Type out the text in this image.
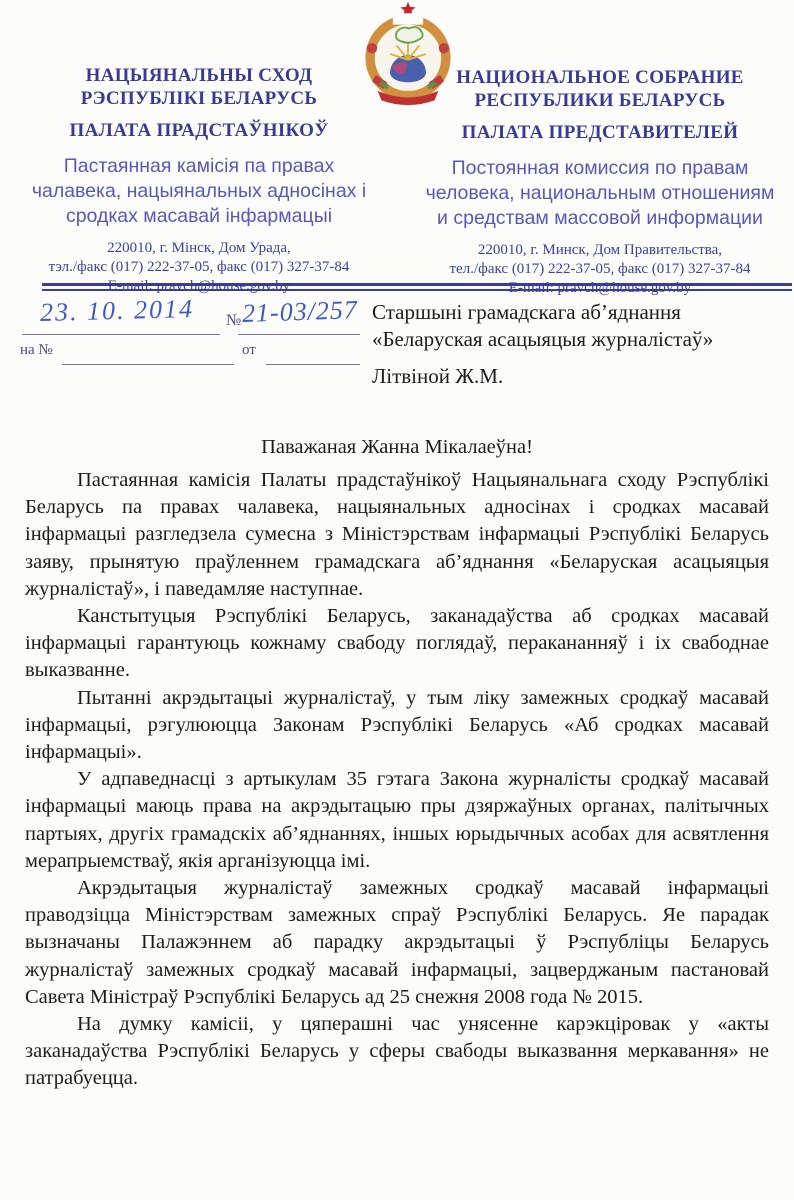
НАЦЫЯНАЛЬНЫ СХОД
РЭСПУБЛІКІ БЕЛАРУСЬ
ПАЛАТА ПРАДСТАЎНІКОЎ
Пастаянная камісія па правах чалавека, нацыянальных адносінах і сродках масавай інфармацыі
220010, г. Мінск, Дом Урада,
тэл./факс (017) 222-37-05, факс (017) 327-37-84
E-mail: pravch@house.gov.by
НАЦИОНАЛЬНОЕ СОБРАНИЕ
РЕСПУБЛИКИ БЕЛАРУСЬ
ПАЛАТА ПРЕДСТАВИТЕЛЕЙ
Постоянная комиссия по правам человека, национальным отношениям и средствам массовой информации
220010, г. Минск, Дом Правительства,
тел./факс (017) 222-37-05, факс (017) 327-37-84
E-mail: pravch@house.gov.by
23. 10. 2014 № 21-03/257
на №	от
Старшыні грамадскага аб’яднання
«Беларуская асацыяцыя журналістаў»
Літвіной Ж.М.
Паважаная Жанна Мікалаеўна!

Пастаянная камісія Палаты прадстаўнікоў Нацыянальнага сходу Рэспублікі Беларусь па правах чалавека, нацыянальных адносінах і сродках масавай інфармацыі разгледзела сумесна з Міністэрствам інфармацыі Рэспублікі Беларусь заяву, прынятую праўленнем грамадскага аб’яднання «Беларуская асацыяцыя журналістаў», і паведамляе наступнае.

Канстытуцыя Рэспублікі Беларусь, заканадаўства аб сродках масавай інфармацыі гарантуюць кожнаму свабоду поглядаў, перакананняў і іх свабоднае выказванне.

Пытанні акрэдытацыі журналістаў, у тым ліку замежных сродкаў масавай інфармацыі, рэгулююцца Законам Рэспублікі Беларусь «Аб сродках масавай інфармацыі».

У адпаведнасці з артыкулам 35 гэтага Закона журналісты сродкаў масавай інфармацыі маюць права на акрэдытацыю пры дзяржаўных органах, палітычных партыях, другіх грамадскіх аб’яднаннях, іншых юрыдычных асобах для асвятлення мерапрыемстваў, якія арганізуюцца імі.

Акрэдытацыя журналістаў замежных сродкаў масавай інфармацыі праводзіцца Міністэрствам замежных спраў Рэспублікі Беларусь. Яе парадак вызначаны Палажэннем аб парадку акрэдытацыі ў Рэспубліцы Беларусь журналістаў замежных сродкаў масавай інфармацыі, зацверджаным пастановай Савета Міністраў Рэспублікі Беларусь ад 25 снежня 2008 года № 2015.

На думку камісіі, у цяперашні час унясенне карэкціровак у «акты заканадаўства Рэспублікі Беларусь у сферы свабоды выказвання меркавання» не патрабуецца.
